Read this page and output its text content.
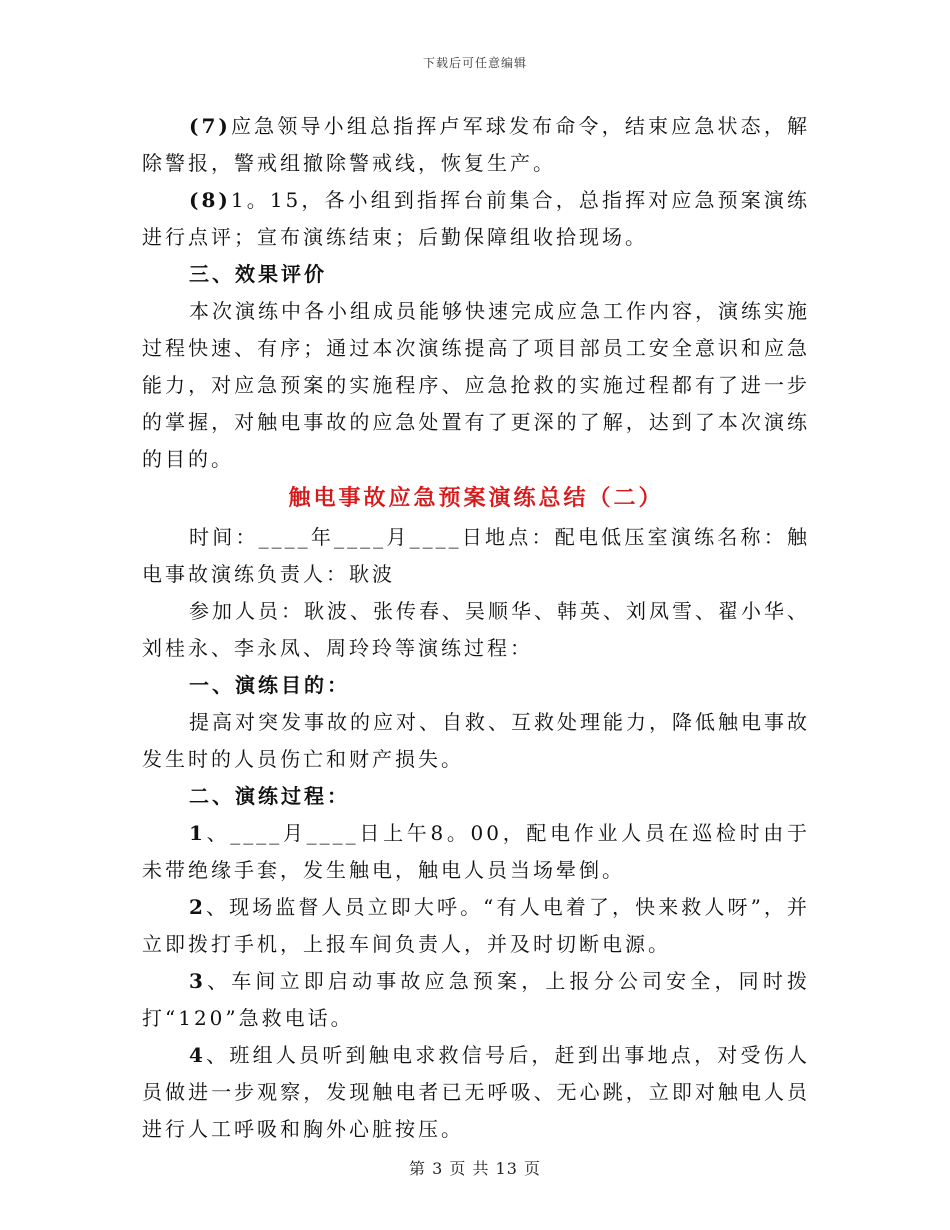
下载后可任意编辑

(7)应急领导小组总指挥卢军球发布命令，结束应急状态，解除警报，警戒组撤除警戒线，恢复生产。

(8)1。15，各小组到指挥台前集合，总指挥对应急预案演练进行点评；宣布演练结束；后勤保障组收拾现场。

三、效果评价

本次演练中各小组成员能够快速完成应急工作内容，演练实施过程快速、有序；通过本次演练提高了项目部员工安全意识和应急能力，对应急预案的实施程序、应急抢救的实施过程都有了进一步的掌握，对触电事故的应急处置有了更深的了解，达到了本次演练的目的。

触电事故应急预案演练总结（二）

时间：____年____月____日地点：配电低压室演练名称：触电事故演练负责人：耿波

参加人员：耿波、张传春、吴顺华、韩英、刘凤雪、翟小华、刘桂永、李永凤、周玲玲等演练过程：

一、演练目的：

提高对突发事故的应对、自救、互救处理能力，降低触电事故发生时的人员伤亡和财产损失。

二、演练过程：

1、____月____日上午8。00，配电作业人员在巡检时由于未带绝缘手套，发生触电，触电人员当场晕倒。

2、现场监督人员立即大呼。“有人电着了，快来救人呀”，并立即拨打手机，上报车间负责人，并及时切断电源。

3、车间立即启动事故应急预案，上报分公司安全，同时拨打“120”急救电话。

4、班组人员听到触电求救信号后，赶到出事地点，对受伤人员做进一步观察，发现触电者已无呼吸、无心跳，立即对触电人员进行人工呼吸和胸外心脏按压。

第 3 页 共 13 页
